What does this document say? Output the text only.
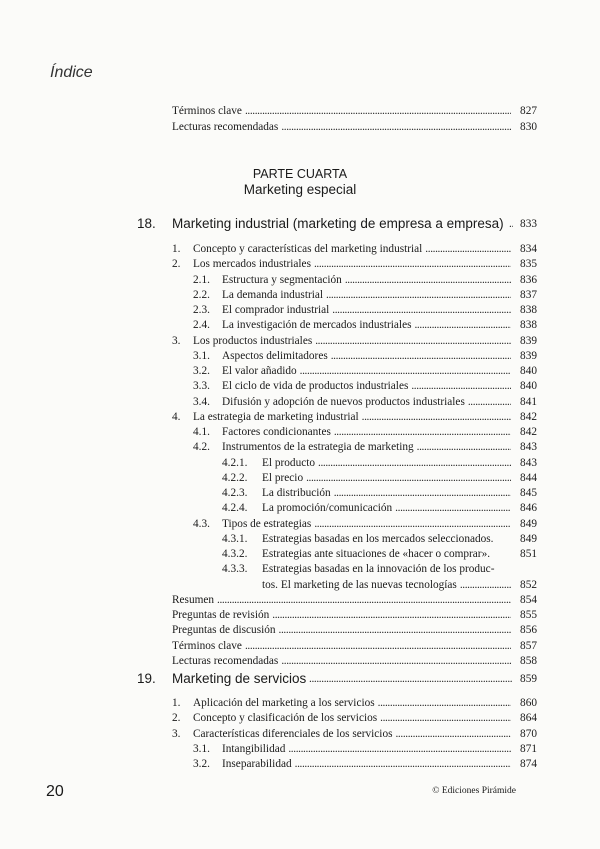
Índice
Términos clave . . .	827
Lecturas recomendadas . . .	830
PARTE CUARTA
Marketing especial
18. Marketing industrial (marketing de empresa a empresa) . . . 833
1. Concepto y características del marketing industrial . . .	834
2. Los mercados industriales . . .	835
2.1. Estructura y segmentación . . .	836
2.2. La demanda industrial . . .	837
2.3. El comprador industrial . . .	838
2.4. La investigación de mercados industriales . . .	838
3. Los productos industriales . . .	839
3.1. Aspectos delimitadores . . .	839
3.2. El valor añadido . . .	840
3.3. El ciclo de vida de productos industriales . . .	840
3.4. Difusión y adopción de nuevos productos industriales . . .	841
4. La estrategia de marketing industrial . . .	842
4.1. Factores condicionantes . . .	842
4.2. Instrumentos de la estrategia de marketing . . .	843
4.2.1. El producto . . .	843
4.2.2. El precio . . .	844
4.2.3. La distribución . . .	845
4.2.4. La promoción/comunicación . . .	846
4.3. Tipos de estrategias . . .	849
4.3.1. Estrategias basadas en los mercados seleccionados. 849
4.3.2. Estrategias ante situaciones de «hacer o comprar».	851
4.3.3. Estrategias basadas en la innovación de los produc-
tos. El marketing de las nuevas tecnologías . . .	852
Resumen . . .	854
Preguntas de revisión . . .	855
Preguntas de discusión . . .	856
Términos clave . . .	857
Lecturas recomendadas . . .	858
19. Marketing de servicios . . .	859
1. Aplicación del marketing a los servicios . . .	860
2. Concepto y clasificación de los servicios . . .	864
3. Características diferenciales de los servicios . . .	870
3.1. Intangibilidad . . .	871
3.2. Inseparabilidad . . .	874
20	© Ediciones Pirámide
